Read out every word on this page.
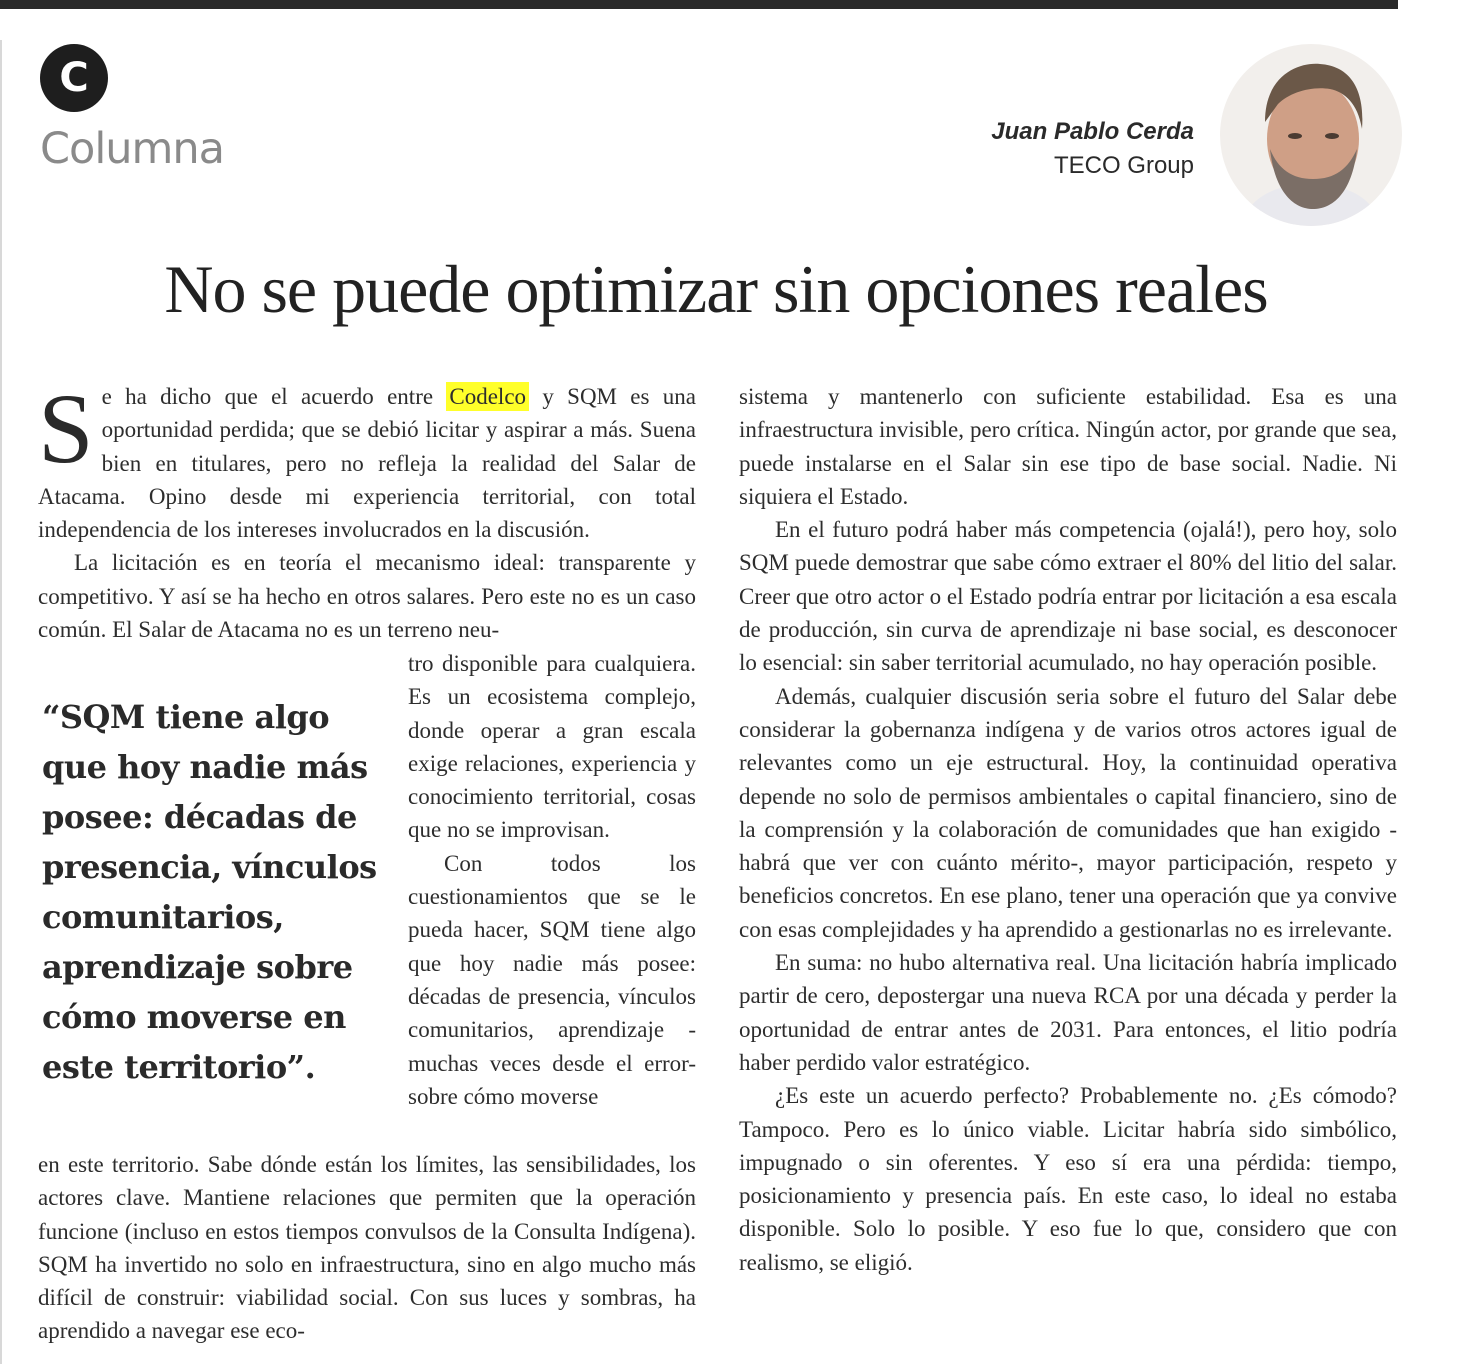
C
Columna	Juan Pablo Cerda
TECO Group
No se puede optimizar sin opciones reales

Se ha dicho que el acuerdo entre Codelco y SQM es una oportunidad perdida; que se debió licitar y aspirar a más. Suena bien en titulares, pero no refleja la realidad del Salar de Atacama. Opino desde mi experiencia territorial, con total independencia de los intereses involucrados en la discusión.

La licitación es en teoría el mecanismo ideal: transparente y competitivo. Y así se ha hecho en otros salares. Pero este no es un caso común. El Salar de Atacama no es un terreno neu-

“SQM tiene algo que hoy nadie más posee: décadas de presencia, vínculos comunitarios, aprendizaje sobre cómo moverse en este territorio”.

tro disponible para cualquiera. Es un ecosistema complejo, donde operar a gran escala exige relaciones, experiencia y conocimiento territorial, cosas que no se improvisan.

Con todos los cuestionamientos que se le pueda hacer, SQM tiene algo que hoy nadie más posee: décadas de presencia, vínculos comunitarios, aprendizaje -muchas veces desde el error- sobre cómo moverse

en este territorio. Sabe dónde están los límites, las sensibilidades, los actores clave. Mantiene relaciones que permiten que la operación funcione (incluso en estos tiempos convulsos de la Consulta Indígena). SQM ha invertido no solo en infraestructura, sino en algo mucho más difícil de construir: viabilidad social. Con sus luces y sombras, ha aprendido a navegar ese eco-

sistema y mantenerlo con suficiente estabilidad. Esa es una infraestructura invisible, pero crítica. Ningún actor, por grande que sea, puede instalarse en el Salar sin ese tipo de base social. Nadie. Ni siquiera el Estado.

En el futuro podrá haber más competencia (ojalá!), pero hoy, solo SQM puede demostrar que sabe cómo extraer el 80% del litio del salar. Creer que otro actor o el Estado podría entrar por licitación a esa escala de producción, sin curva de aprendizaje ni base social, es desconocer lo esencial: sin saber territorial acumulado, no hay operación posible.

Además, cualquier discusión seria sobre el futuro del Salar debe considerar la gobernanza indígena y de varios otros actores igual de relevantes como un eje estructural. Hoy, la continuidad operativa depende no solo de permisos ambientales o capital financiero, sino de la comprensión y la colaboración de comunidades que han exigido -habrá que ver con cuánto mérito-, mayor participación, respeto y beneficios concretos. En ese plano, tener una operación que ya convive con esas complejidades y ha aprendido a gestionarlas no es irrelevante.

En suma: no hubo alternativa real. Una licitación habría implicado partir de cero, depostergar una nueva RCA por una década y perder la oportunidad de entrar antes de 2031. Para entonces, el litio podría haber perdido valor estratégico.

¿Es este un acuerdo perfecto? Probablemente no. ¿Es cómodo? Tampoco. Pero es lo único viable. Licitar habría sido simbólico, impugnado o sin oferentes. Y eso sí era una pérdida: tiempo, posicionamiento y presencia país. En este caso, lo ideal no estaba disponible. Solo lo posible. Y eso fue lo que, considero que con realismo, se eligió.
